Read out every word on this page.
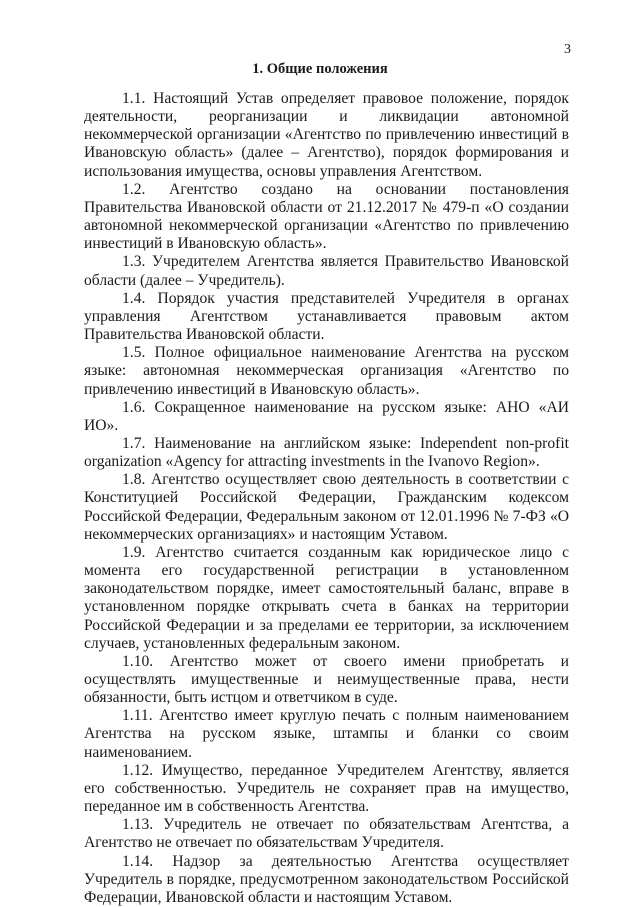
3
1. Общие положения

1.1. Настоящий Устав определяет правовое положение, порядок деятельности, реорганизации и ликвидации автономной некоммерческой организации «Агентство по привлечению инвестиций в Ивановскую область» (далее – Агентство), порядок формирования и использования имущества, основы управления Агентством.

1.2. Агентство создано на основании постановления Правительства Ивановской области от 21.12.2017 № 479-п «О создании автономной некоммерческой организации «Агентство по привлечению инвестиций в Ивановскую область».

1.3. Учредителем Агентства является Правительство Ивановской области (далее – Учредитель).

1.4. Порядок участия представителей Учредителя в органах управления Агентством устанавливается правовым актом Правительства Ивановской области.

1.5. Полное официальное наименование Агентства на русском языке: автономная некоммерческая организация «Агентство по привлечению инвестиций в Ивановскую область».

1.6. Сокращенное наименование на русском языке: АНО «АИ ИО».

1.7. Наименование на английском языке: Independent non-profit organization «Agency for attracting investments in the Ivanovo Region».

1.8. Агентство осуществляет свою деятельность в соответствии с Конституцией Российской Федерации, Гражданским кодексом Российской Федерации, Федеральным законом от 12.01.1996 № 7-ФЗ «О некоммерческих организациях» и настоящим Уставом.

1.9. Агентство считается созданным как юридическое лицо с момента его государственной регистрации в установленном законодательством порядке, имеет самостоятельный баланс, вправе в установленном порядке открывать счета в банках на территории Российской Федерации и за пределами ее территории, за исключением случаев, установленных федеральным законом.

1.10. Агентство может от своего имени приобретать и осуществлять имущественные и неимущественные права, нести обязанности, быть истцом и ответчиком в суде.

1.11. Агентство имеет круглую печать с полным наименованием Агентства на русском языке, штампы и бланки со своим наименованием.

1.12. Имущество, переданное Учредителем Агентству, является его собственностью. Учредитель не сохраняет прав на имущество, переданное им в собственность Агентства.

1.13. Учредитель не отвечает по обязательствам Агентства, а Агентство не отвечает по обязательствам Учредителя.

1.14. Надзор за деятельностью Агентства осуществляет Учредитель в порядке, предусмотренном законодательством Российской Федерации, Ивановской области и настоящим Уставом.
